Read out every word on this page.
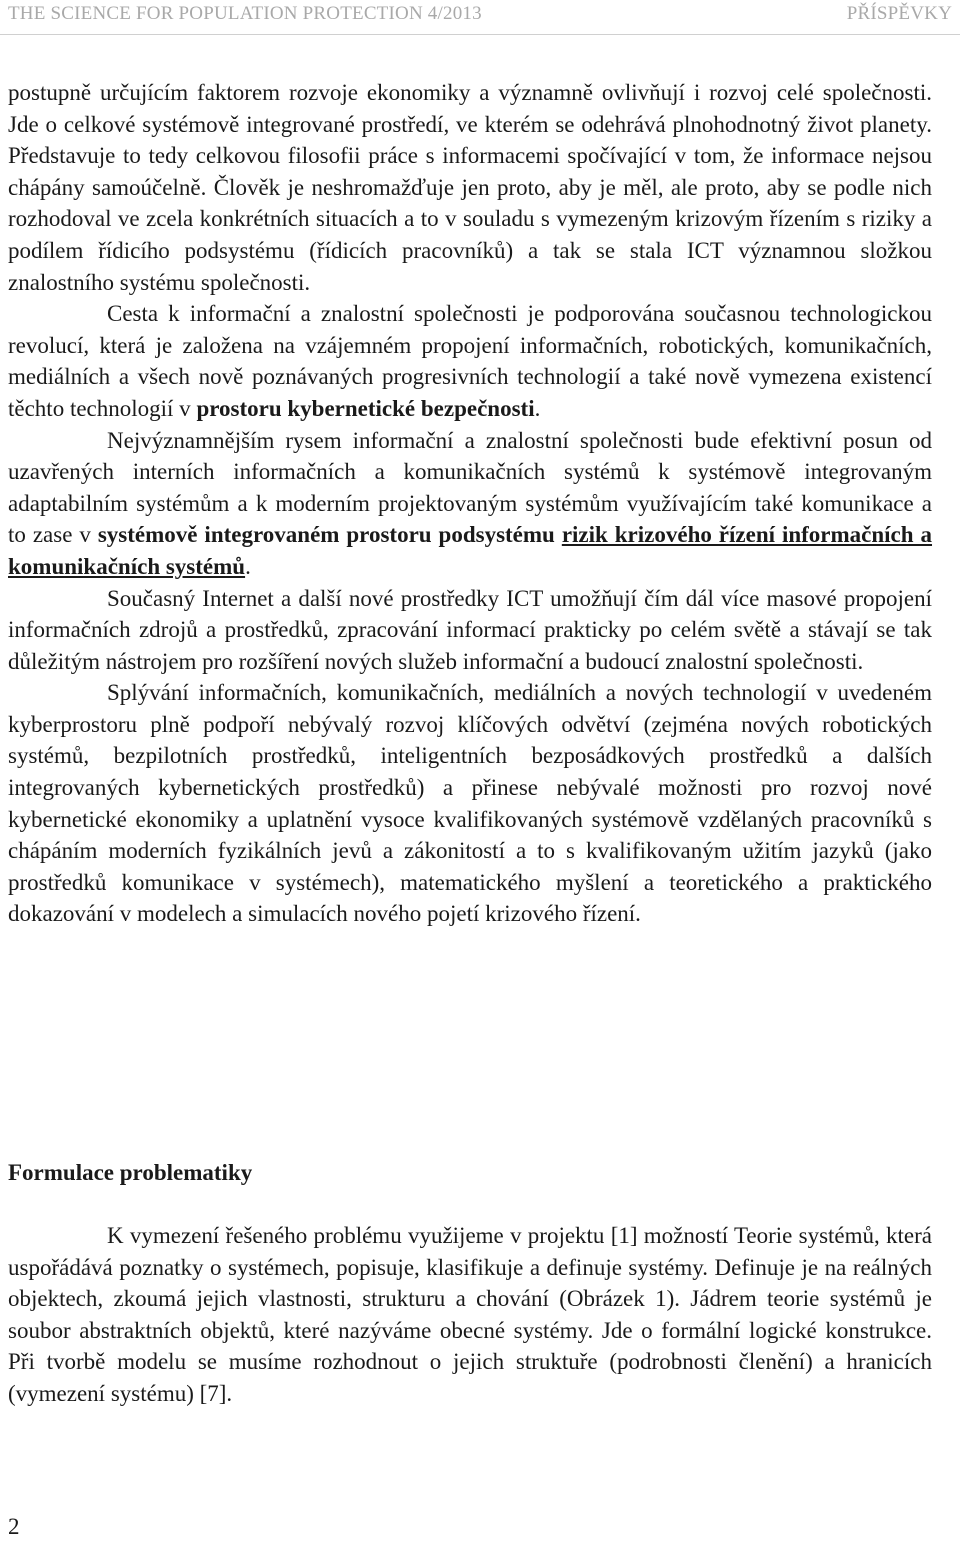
THE SCIENCE FOR POPULATION PROTECTION 4/2013	PŘÍSPĚVKY

postupně určujícím faktorem rozvoje ekonomiky a významně ovlivňují i rozvoj celé společnosti. Jde o celkové systémově integrované prostředí, ve kterém se odehrává plnohodnotný život planety. Představuje to tedy celkovou filosofii práce s informacemi spočívající v tom, že informace nejsou chápány samoúčelně. Člověk je neshromažďuje jen proto, aby je měl, ale proto, aby se podle nich rozhodoval ve zcela konkrétních situacích a to v souladu s vymezeným krizovým řízením s riziky a podílem řídicího podsystému (řídicích pracovníků) a tak se stala ICT významnou složkou znalostního systému společnosti.

Cesta k informační a znalostní společnosti je podporována současnou technologickou revolucí, která je založena na vzájemném propojení informačních, robotických, komunikačních, mediálních a všech nově poznávaných progresivních technologií a také nově vymezena existencí těchto technologií v prostoru kybernetické bezpečnosti.

Nejvýznamnějším rysem informační a znalostní společnosti bude efektivní posun od uzavřených interních informačních a komunikačních systémů k systémově integrovaným adaptabilním systémům a k moderním projektovaným systémům využívajícím také komunikace a to zase v systémově integrovaném prostoru podsystému rizik krizového řízení informačních a komunikačních systémů.

Současný Internet a další nové prostředky ICT umožňují čím dál více masové propojení informačních zdrojů a prostředků, zpracování informací prakticky po celém světě a stávají se tak důležitým nástrojem pro rozšíření nových služeb informační a budoucí znalostní společnosti.

Splývání informačních, komunikačních, mediálních a nových technologií v uvedeném kyberprostoru plně podpoří nebývalý rozvoj klíčových odvětví (zejména nových robotických systémů, bezpilotních prostředků, inteligentních bezposádkových prostředků a dalších integrovaných kybernetických prostředků) a přinese nebývalé možnosti pro rozvoj nové kybernetické ekonomiky a uplatnění vysoce kvalifikovaných systémově vzdělaných pracovníků s chápáním moderních fyzikálních jevů a zákonitostí a to s kvalifikovaným užitím jazyků (jako prostředků komunikace v systémech), matematického myšlení a teoretického a praktického dokazování v modelech a simulacích nového pojetí krizového řízení.

Formulace problematiky

K vymezení řešeného problému využijeme v projektu [1] možností Teorie systémů, která uspořádává poznatky o systémech, popisuje, klasifikuje a definuje systémy. Definuje je na reálných objektech, zkoumá jejich vlastnosti, strukturu a chování (Obrázek 1). Jádrem teorie systémů je soubor abstraktních objektů, které nazýváme obecné systémy. Jde o formální logické konstrukce. Při tvorbě modelu se musíme rozhodnout o jejich struktuře (podrobnosti členění) a hranicích (vymezení systému) [7].

2
